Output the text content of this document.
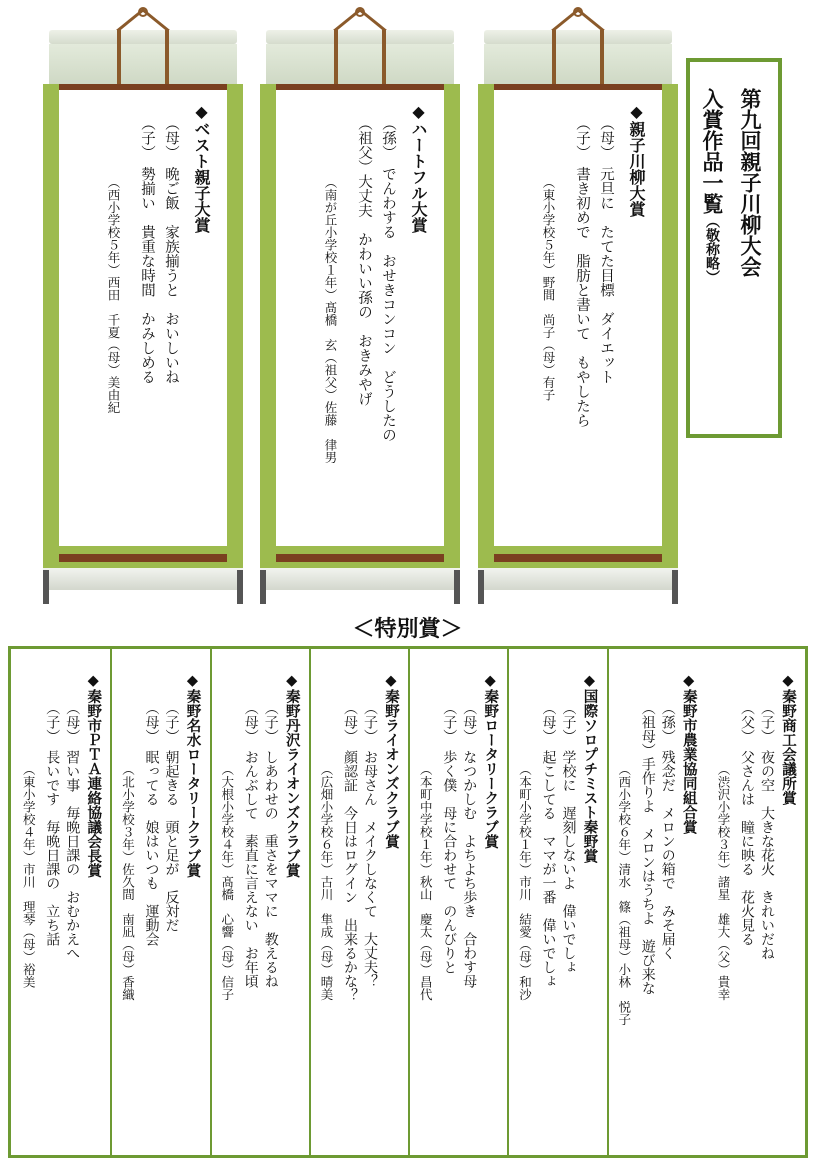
◆ベスト親子大賞
（母）　晩ご飯　家族揃うと　おいしいね
（子）　勢揃い　貴重な時間　かみしめる
（西小学校５年）西田　千夏（母）美由紀
◆ハートフル大賞
（孫）　でんわする　おせきコンコン　どうしたの
（祖父）大丈夫　かわいい孫の　おきみやげ
（南が丘小学校１年）髙橋　玄（祖父）佐藤　律男
◆親子川柳大賞
（母）　元旦に　たてた目標　ダイエット
（子）　書き初めで　脂肪と書いて　もやしたら
（東小学校５年）野間　尚子（母）有子	第九回親子川柳大会
入賞作品一覧（敬称略）
＜特別賞＞
◆秦野商工会議所賞
（子）　夜の空　大きな花火　きれいだね
（父）　父さんは　瞳に映る　花火見る
（渋沢小学校３年）諸星　雄大（父）貴幸
◆秦野市農業協同組合賞
（孫）　残念だ　メロンの箱で　みそ届く
（祖母）手作りよ　メロンはうちよ　遊び来な
（西小学校６年）清水　篠（祖母）小林　悦子
◆国際ソロプチミスト秦野賞
（子）　学校に　遅刻しないよ　偉いでしょ
（母）　起こしてる　ママが一番　偉いでしょ
（本町小学校１年）市川　結愛（母）和沙
◆秦野ロータリークラブ賞
（母）　なつかしむ　よちよち歩き　合わす母
（子）　歩く僕　母に合わせて　のんびりと
（本町中学校１年）秋山　慶太（母）昌代
◆秦野ライオンズクラブ賞
（子）　お母さん　メイクしなくて　大丈夫？
（母）　顔認証　今日はログイン　出来るかな？
（広畑小学校６年）古川　隼成（母）晴美
◆秦野丹沢ライオンズクラブ賞
（子）　しあわせの　重さをママに　教えるね
（母）　おんぶして　素直に言えない　お年頃
（大根小学校４年）髙橋　心響（母）信子
◆秦野名水ロータリークラブ賞
（子）　朝起きる　頭と足が　反対だ
（母）　眠ってる　娘はいつも　運動会
（北小学校３年）佐久間　南凪（母）香織
◆秦野市ＰＴＡ連絡協議会長賞
（母）　習い事　毎晩日課の　おむかえへ
（子）　長いです　毎晩日課の　立ち話
（東小学校４年）市川　理琴（母）裕美
